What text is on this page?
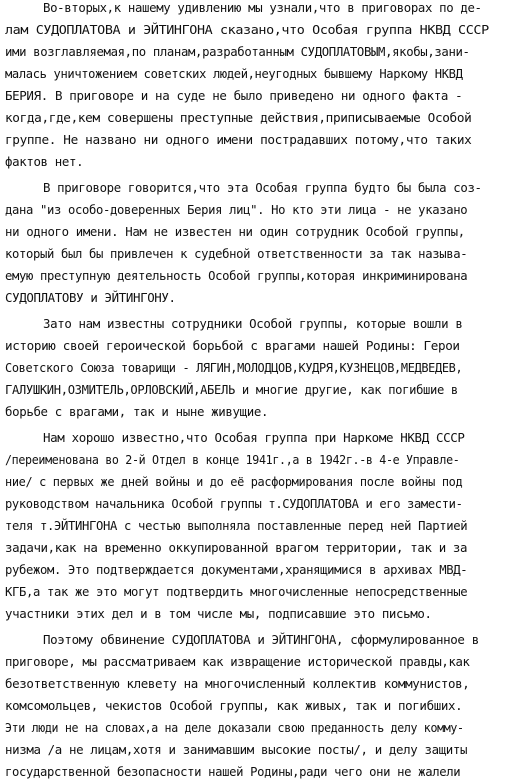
Во-вторых,к нашему удивлению мы узнали,что в приговорах по де-
лам СУДОПЛАТОВА и ЭЙТИНГОНА сказано,что Особая группа НКВД СССР
ими возглавляемая,по планам,разработанным СУДОПЛАТОВЫМ,якобы,зани-
малась уничтожением советских людей,неугодных бывшему Наркому НКВД
БЕРИЯ. В приговоре и на суде не было приведено ни одного факта -
когда,где,кем совершены преступные действия,приписываемые Особой
группе. Не названо ни одного имени пострадавших потому,что таких
фактов нет.
В приговоре говорится,что эта Особая группа будто бы была соз-
дана "из особо-доверенных Берия лиц". Но кто эти лица - не указано
ни одного имени. Нам не известен ни один сотрудник Особой группы,
который был бы привлечен к судебной ответственности за так называ-
емую преступную деятельность Особой группы,которая инкриминирована
СУДОПЛАТОВУ и ЭЙТИНГОНУ.
Зато нам известны сотрудники Особой группы, которые вошли в
историю своей героической борьбой с врагами нашей Родины: Герои
Советского Союза товарищи - ЛЯГИН,МОЛОДЦОВ,КУДРЯ,КУЗНЕЦОВ,МЕДВЕДЕВ,
ГАЛУШКИН,ОЗМИТЕЛЬ,ОРЛОВСКИЙ,АБЕЛЬ и многие другие, как погибшие в
борьбе с врагами, так и ныне живущие.
Нам хорошо известно,что Особая группа при Наркоме НКВД СССР
/переименована во 2-й Отдел в конце 1941г.,а в 1942г.-в 4-е Управле-
ние/ с первых же дней войны и до её расформирования после войны под
руководством начальника Особой группы т.СУДОПЛАТОВА и его замести-
теля т.ЭЙТИНГОНА с честью выполняла поставленные перед ней Партией
задачи,как на временно оккупированной врагом территории, так и за
рубежом. Это подтверждается документами,хранящимися в архивах МВД-
КГБ,а так же это могут подтвердить многочисленные непосредственные
участники этих дел и в том числе мы, подписавшие это письмо.
Поэтому обвинение СУДОПЛАТОВА и ЭЙТИНГОНА, сформулированное в
приговоре, мы рассматриваем как извращение исторической правды,как
безответственную клевету на многочисленный коллектив коммунистов,
комсомольцев, чекистов Особой группы, как живых, так и погибших.
Эти люди не на словах,а на деле доказали свою преданность делу комму-
низма /а не лицам,хотя и занимавшим высокие посты/, и делу защиты
государственной безопасности нашей Родины,ради чего они не жалели
